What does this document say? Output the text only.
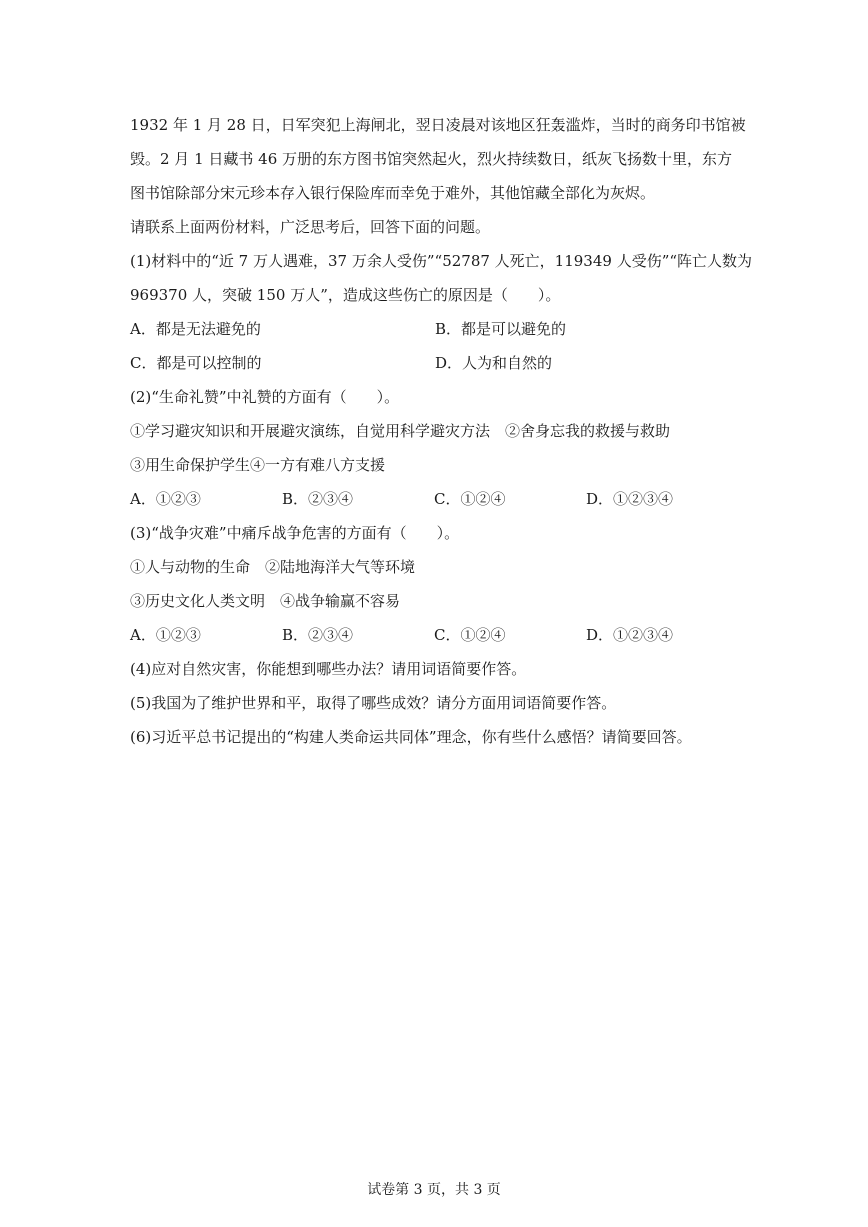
1932 年 1 月 28 日，日军突犯上海闸北，翌日凌晨对该地区狂轰滥炸，当时的商务印书馆被

毁。2 月 1 日藏书 46 万册的东方图书馆突然起火，烈火持续数日，纸灰飞扬数十里，东方

图书馆除部分宋元珍本存入银行保险库而幸免于难外，其他馆藏全部化为灰烬。

请联系上面两份材料，广泛思考后，回答下面的问题。

(1)材料中的“近 7 万人遇难，37 万余人受伤”“52787 人死亡，119349 人受伤”“阵亡人数为

969370 人，突破 150 万人”，造成这些伤亡的原因是（　　）。

A．都是无法避免的	B．都是可以避免的
C．都是可以控制的	D．人为和自然的

(2)“生命礼赞”中礼赞的方面有（　　）。

①学习避灾知识和开展避灾演练，自觉用科学避灾方法　②舍身忘我的救援与救助

③用生命保护学生④一方有难八方支援

A．①②③	B．②③④	C．①②④	D．①②③④

(3)“战争灾难”中痛斥战争危害的方面有（　　）。

①人与动物的生命　②陆地海洋大气等环境

③历史文化人类文明　④战争输赢不容易

A．①②③	B．②③④	C．①②④	D．①②③④

(4)应对自然灾害，你能想到哪些办法？请用词语简要作答。

(5)我国为了维护世界和平，取得了哪些成效？请分方面用词语简要作答。

(6)习近平总书记提出的“构建人类命运共同体”理念，你有些什么感悟？请简要回答。

试卷第 3 页，共 3 页
